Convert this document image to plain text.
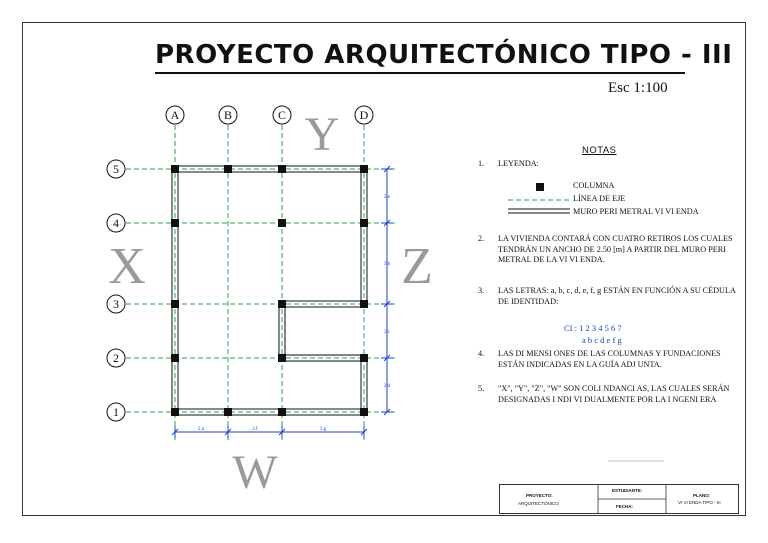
PROYECTO ARQUITECTÓNICO TIPO - III
Esc 1:100
Y
X	Z
W
A	B	C	D
5
4
3
2
1
2.a	2.f	3.g
2.e
3.b
2.c
2.d
NOTAS
1. LEYENDA:
COLUMNA
LÍNEA DE EJE
MURO PERI METRAL VI VI ENDA
2. LA VIVIENDA CONTARÁ CON CUATRO RETIROS LOS CUALES TENDRÁN UN ANCHO DE 2.50 [m] A PARTIR DEL MURO PERI METRAL DE LA VI VI ENDA.
3. LAS LETRAS: a, b, c, d, e, f, g ESTÁN EN FUNCIÓN A SU CÉDULA DE IDENTIDAD:
CI : 1 2 3 4 5 6 7
a b c d e f g
4. LAS DI MENSI ONES DE LAS COLUMNAS Y FUNDACIONES ESTÁN INDICADAS EN LA GUÍA ADJ UNTA.
5. "X", "Y", "Z", "W" SON COLI NDANCI AS, LAS CUALES SERÁN DESIGNADAS I NDI VI DUALMENTE POR LA I NGENI ERA
PROYECTO:
ARQUITECTÓNICO
ESTUDIANTE:
FECHA:
PLANO:
VI VI ENDA TIPO - III
